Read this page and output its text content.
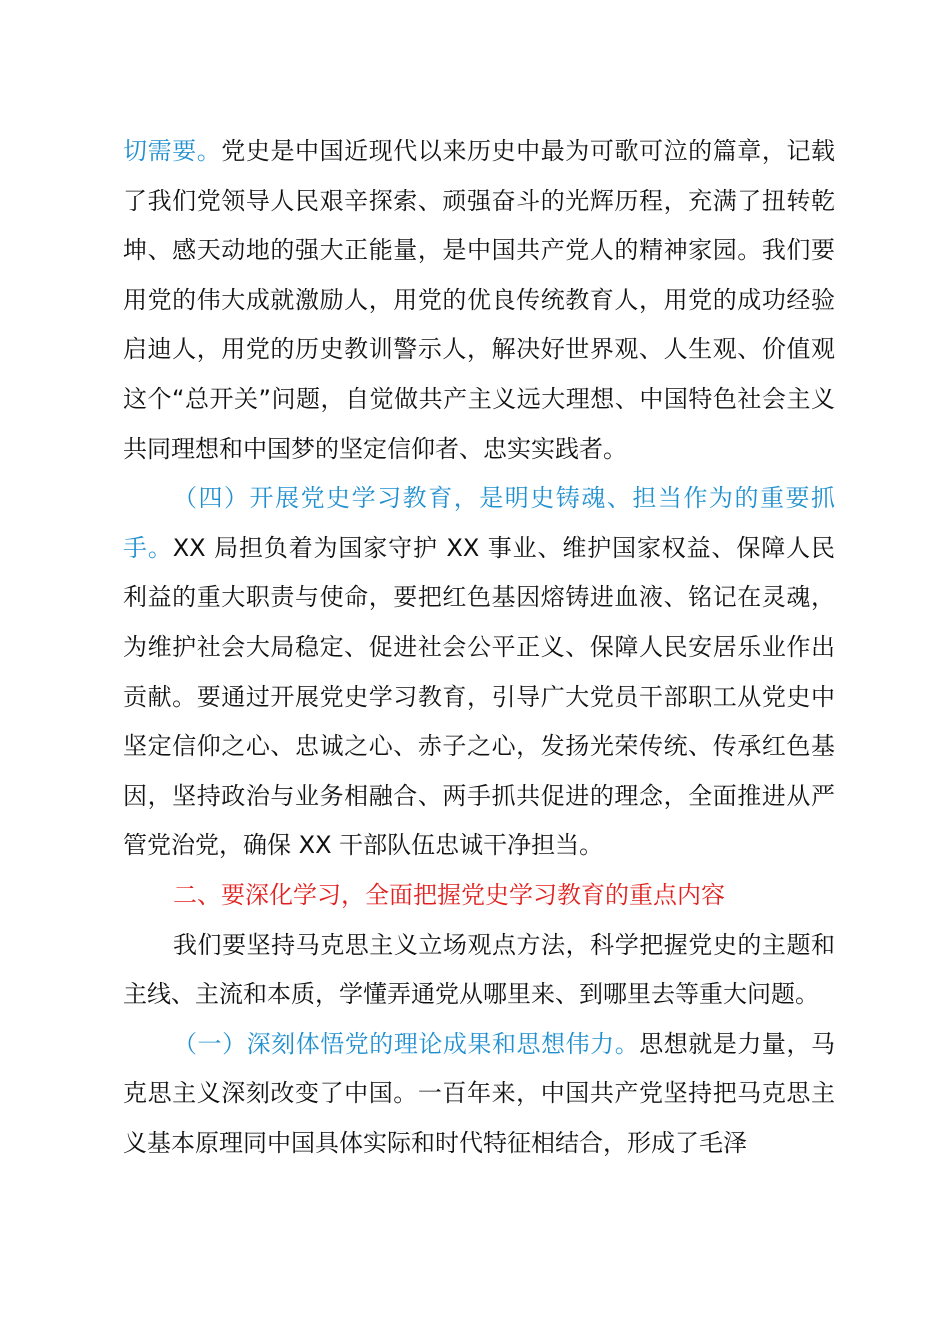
切需要。党史是中国近现代以来历史中最为可歌可泣的篇章，记载了我们党领导人民艰辛探索、顽强奋斗的光辉历程，充满了扭转乾坤、感天动地的强大正能量，是中国共产党人的精神家园。我们要用党的伟大成就激励人，用党的优良传统教育人，用党的成功经验启迪人，用党的历史教训警示人，解决好世界观、人生观、价值观这个“总开关”问题，自觉做共产主义远大理想、中国特色社会主义共同理想和中国梦的坚定信仰者、忠实实践者。

（四）开展党史学习教育，是明史铸魂、担当作为的重要抓手。XX 局担负着为国家守护 XX 事业、维护国家权益、保障人民利益的重大职责与使命，要把红色基因熔铸进血液、铭记在灵魂，为维护社会大局稳定、促进社会公平正义、保障人民安居乐业作出贡献。要通过开展党史学习教育，引导广大党员干部职工从党史中坚定信仰之心、忠诚之心、赤子之心，发扬光荣传统、传承红色基因，坚持政治与业务相融合、两手抓共促进的理念，全面推进从严管党治党，确保 XX 干部队伍忠诚干净担当。

二、要深化学习，全面把握党史学习教育的重点内容

我们要坚持马克思主义立场观点方法，科学把握党史的主题和主线、主流和本质，学懂弄通党从哪里来、到哪里去等重大问题。

（一）深刻体悟党的理论成果和思想伟力。思想就是力量，马克思主义深刻改变了中国。一百年来，中国共产党坚持把马克思主义基本原理同中国具体实际和时代特征相结合，形成了毛泽
